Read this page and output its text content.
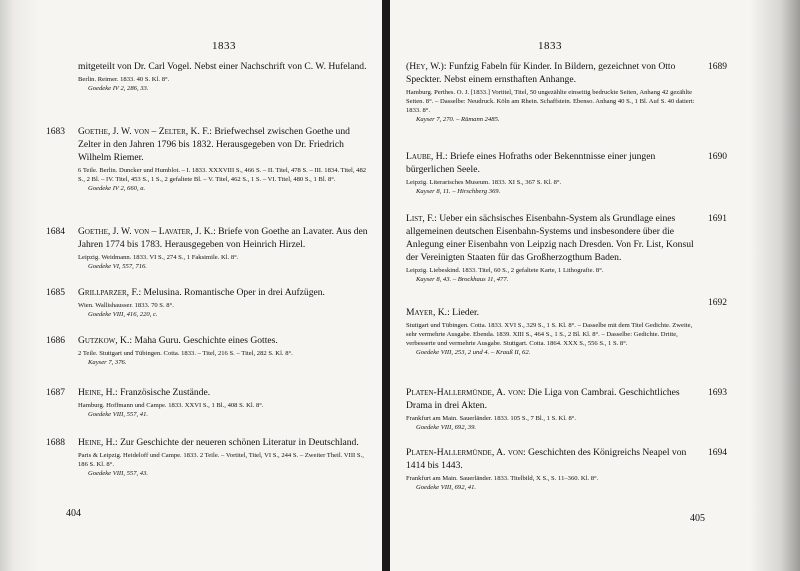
1833

mitgeteilt von Dr. Carl Vogel. Nebst einer Nachschrift von C. W. Hufeland.

Berlin. Reimer. 1833. 40 S. Kl. 8°.

Goedeke IV 2, 286, 33.

1683 Goethe, J. W. von – Zelter, K. F.: Briefwechsel zwischen Goethe und Zelter in den Jahren 1796 bis 1832. Herausgegeben von Dr. Friedrich Wilhelm Riemer.

6 Teile. Berlin. Duncker und Humblot. – I. 1833. XXXVIII S., 466 S. – II. Titel, 478 S. – III. 1834. Titel, 482 S., 2 Bl. – IV. Titel, 453 S., 1 S., 2 gefaltete Bl. – V. Titel, 462 S., 1 S. – VI. Titel, 480 S., 1 Bl. 8°.

Goedeke IV 2, 660, a.

1684 Goethe, J. W. von – Lavater, J. K.: Briefe von Goethe an Lavater. Aus den Jahren 1774 bis 1783. Herausgegeben von Heinrich Hirzel.

Leipzig. Weidmann. 1833. VI S., 274 S., 1 Faksimile. Kl. 8°.

Goedeke VI, 557, 716.

1685 Grillparzer, F.: Melusina. Romantische Oper in drei Aufzügen.

Wien. Wallishausser. 1833. 70 S. 8°.

Goedeke VIII, 416, 220, c.

1686 Gutzkow, K.: Maha Guru. Geschichte eines Gottes.

2 Teile. Stuttgart und Tübingen. Cotta. 1833. – Titel, 216 S. – Titel, 282 S. Kl. 8°.

Kayser 7, 376.

1687 Heine, H.: Französische Zustände.

Hamburg. Hoffmann und Campe. 1833. XXVI S., 1 Bl., 408 S. Kl. 8°.

Goedeke VIII, 557, 41.

1688 Heine, H.: Zur Geschichte der neueren schönen Literatur in Deutschland.

Paris & Leipzig. Heideloff und Campe. 1833. 2 Teile. – Vortitel, Titel, VI S., 244 S. – Zweiter Theil. VIII S., 186 S. Kl. 8°.

Goedeke VIII, 557, 43.

404
1833
1689

(Hey, W.): Funfzig Fabeln für Kinder. In Bildern, gezeichnet von Otto Speckter. Nebst einem ernsthaften Anhange.

Hamburg. Perthes. O. J. [1833.] Vortitel, Titel, 50 ungezählte einseitig bedruckte Seiten, Anhang 42 gezählte Seiten. 8°. – Dasselbe: Neudruck. Köln am Rhein. Schaffstein. Ebenso. Anhang 40 S., 1 Bl. Auf S. 40 datiert: 1833. 8°.

Kayser 7, 270. – Rümann 2485.

1690

Laube, H.: Briefe eines Hofraths oder Bekenntnisse einer jungen bürgerlichen Seele.

Leipzig. Literarisches Museum. 1833. XI S., 367 S. Kl. 8°.

Kayser 8, 11. – Hirschberg 369.

1691

List, F.: Ueber ein sächsisches Eisenbahn-System als Grundlage eines allgemeinen deutschen Eisenbahn-Systems und insbesondere über die Anlegung einer Eisenbahn von Leipzig nach Dresden. Von Fr. List, Konsul der Vereinigten Staaten für das Großherzogthum Baden.

Leipzig. Liebeskind. 1833. Titel, 60 S., 2 gefaltete Karte, 1 Lithografie. 8°.

Kayser 8, 43. – Brockhaus 11, 477.

1692

Mayer, K.: Lieder.

Stuttgart und Tübingen. Cotta. 1833. XVI S., 329 S., 1 S. Kl. 8°. – Dasselbe mit dem Titel Gedichte. Zweite, sehr vermehrte Ausgabe. Ebenda. 1839. XIII S., 464 S., 1 S., 2 Bl. Kl. 8°. – Dasselbe: Gedichte. Dritte, verbesserte und vermehrte Ausgabe. Stuttgart. Cotta. 1864. XXX S., 556 S., 1 S. 8°.

Goedeke VIII, 253, 2 und 4. – Krauß II, 62.

1693

Platen-Hallermünde, A. von: Die Liga von Cambrai. Geschichtliches Drama in drei Akten.

Frankfurt am Main. Sauerländer. 1833. 105 S., 7 Bl., 1 S. Kl. 8°.

Goedeke VIII, 692, 39.

1694

Platen-Hallermünde, A. von: Geschichten des Königreichs Neapel von 1414 bis 1443.

Frankfurt am Main. Sauerländer. 1833. Titelbild, X S., S. 11–360. Kl. 8°.

Goedeke VIII, 692, 41.

405
